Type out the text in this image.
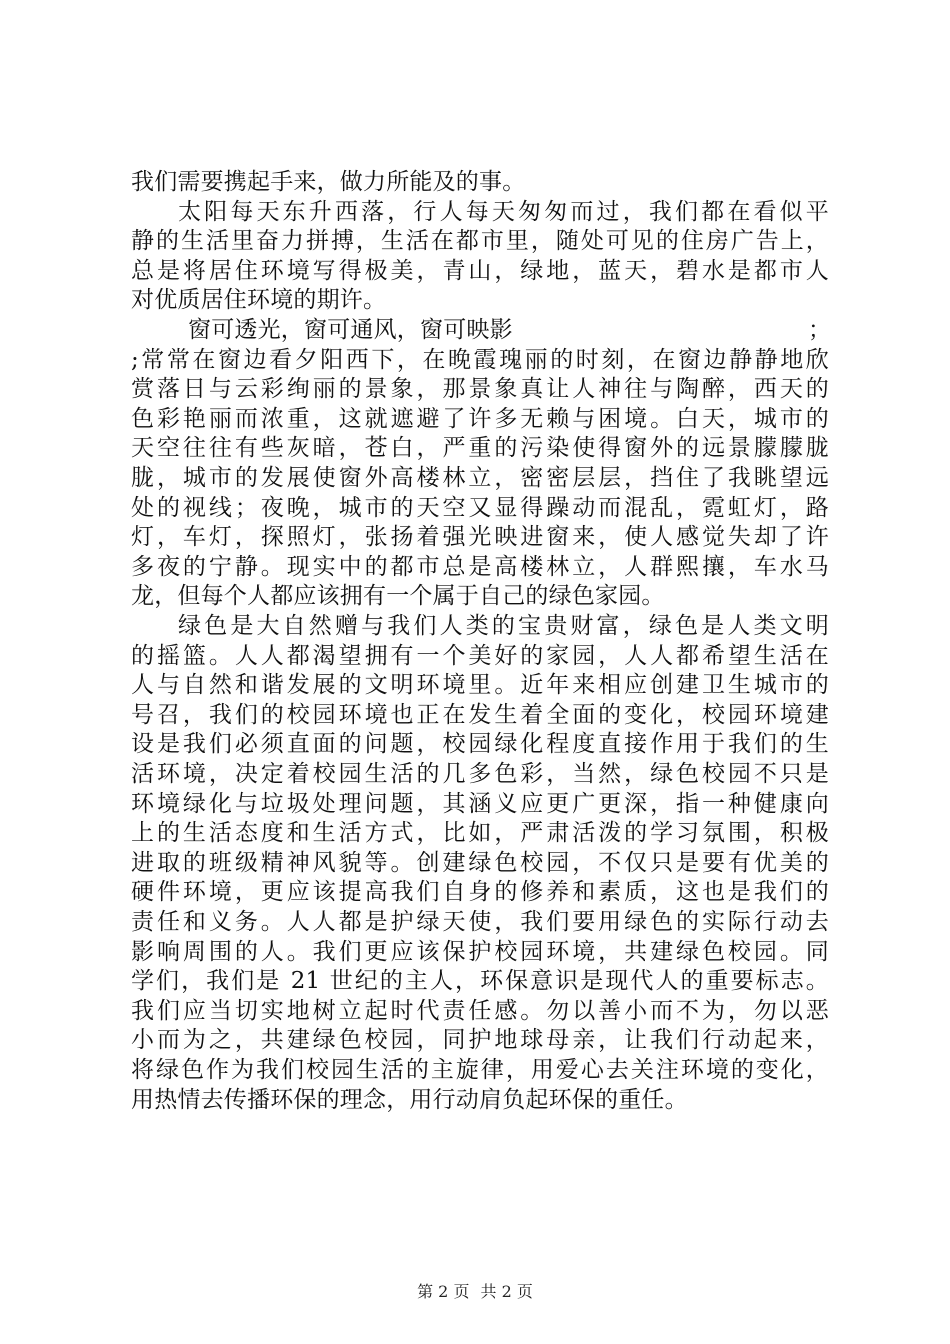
我们需要携起手来，做力所能及的事。
太阳每天东升西落，行人每天匆匆而过，我们都在看似平
静的生活里奋力拼搏，生活在都市里，随处可见的住房广告上，
总是将居住环境写得极美，青山，绿地，蓝天，碧水是都市人
对优质居住环境的期许。
窗可透光，窗可通风，窗可映影	；
;常常在窗边看夕阳西下，在晚霞瑰丽的时刻，在窗边静静地欣
赏落日与云彩绚丽的景象，那景象真让人神往与陶醉，西天的
色彩艳丽而浓重，这就遮避了许多无赖与困境。白天，城市的
天空往往有些灰暗，苍白，严重的污染使得窗外的远景朦朦胧
胧，城市的发展使窗外高楼林立，密密层层，挡住了我眺望远
处的视线；夜晚，城市的天空又显得躁动而混乱，霓虹灯，路
灯，车灯，探照灯，张扬着强光映进窗来，使人感觉失却了许
多夜的宁静。现实中的都市总是高楼林立，人群熙攘，车水马
龙，但每个人都应该拥有一个属于自己的绿色家园。
绿色是大自然赠与我们人类的宝贵财富，绿色是人类文明
的摇篮。人人都渴望拥有一个美好的家园，人人都希望生活在
人与自然和谐发展的文明环境里。近年来相应创建卫生城市的
号召，我们的校园环境也正在发生着全面的变化，校园环境建
设是我们必须直面的问题，校园绿化程度直接作用于我们的生
活环境，决定着校园生活的几多色彩，当然，绿色校园不只是
环境绿化与垃圾处理问题，其涵义应更广更深，指一种健康向
上的生活态度和生活方式，比如，严肃活泼的学习氛围，积极
进取的班级精神风貌等。创建绿色校园，不仅只是要有优美的
硬件环境，更应该提高我们自身的修养和素质，这也是我们的
责任和义务。人人都是护绿天使，我们要用绿色的实际行动去
影响周围的人。我们更应该保护校园环境，共建绿色校园。同
学们，我们是 21 世纪的主人，环保意识是现代人的重要标志。
我们应当切实地树立起时代责任感。勿以善小而不为，勿以恶
小而为之，共建绿色校园，同护地球母亲，让我们行动起来，
将绿色作为我们校园生活的主旋律，用爱心去关注环境的变化，
用热情去传播环保的理念，用行动肩负起环保的重任。
第 2 页 共 2 页
